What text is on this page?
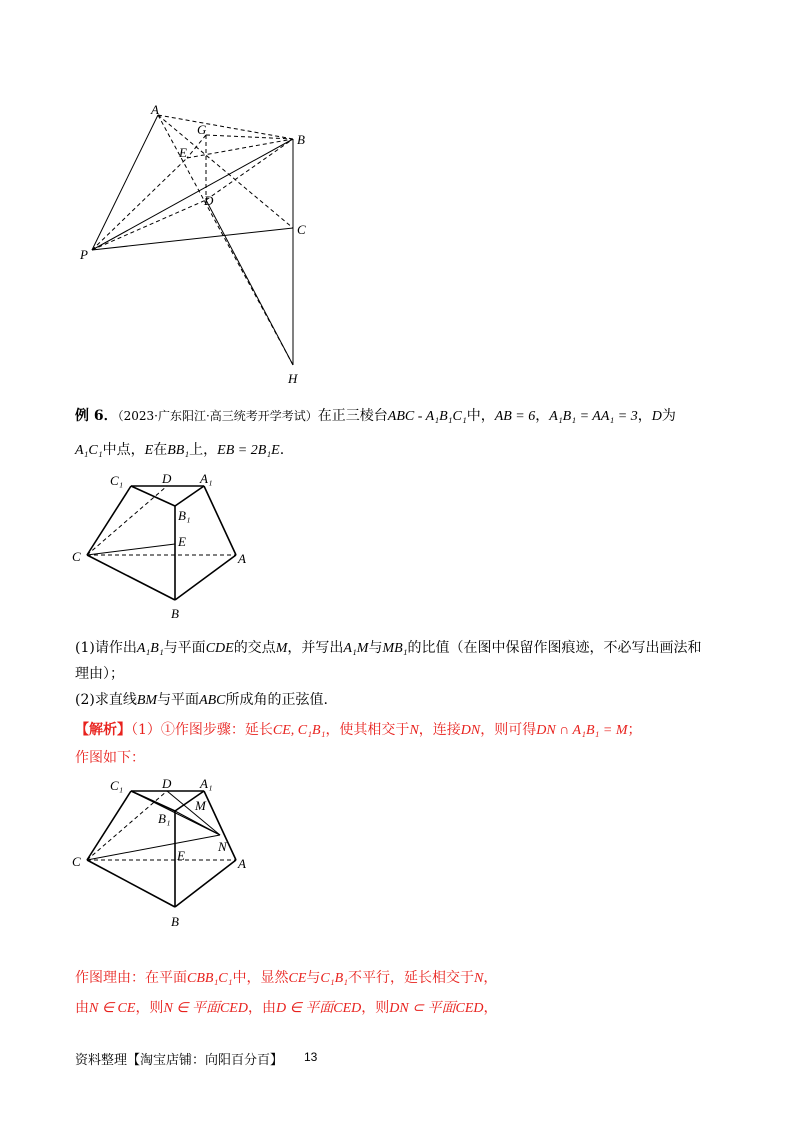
A
G
B
E
D
C
P
H
例 6．（2023·广东阳江·高三统考开学考试）在正三棱台ABC - A₁B₁C₁中，AB = 6，A₁B₁ = AA₁ = 3，D为
A₁C₁中点，E在BB₁上，EB = 2B₁E.
C₁	D A₁
B₁
E
C	A
B
(1)请作出A₁B₁与平面CDE的交点M，并写出A₁M与MB₁的比值（在图中保留作图痕迹，不必写出画法和
理由）；
(2)求直线BM与平面ABC所成角的正弦值.
【解析】（1）①作图步骤：延长CE, C₁B₁，使其相交于N，连接DN，则可得DN ∩ A₁B₁ = M；
作图如下：
C₁	D A₁
M
B₁
E
N
C	A
B
作图理由：在平面CBB₁C₁中，显然CE与C₁B₁不平行，延长相交于N，
由N ∈ CE，则N ∈ 平面CED，由D ∈ 平面CED，则DN ⊂ 平面CED，
资料整理【淘宝店铺：向阳百分百】 13
